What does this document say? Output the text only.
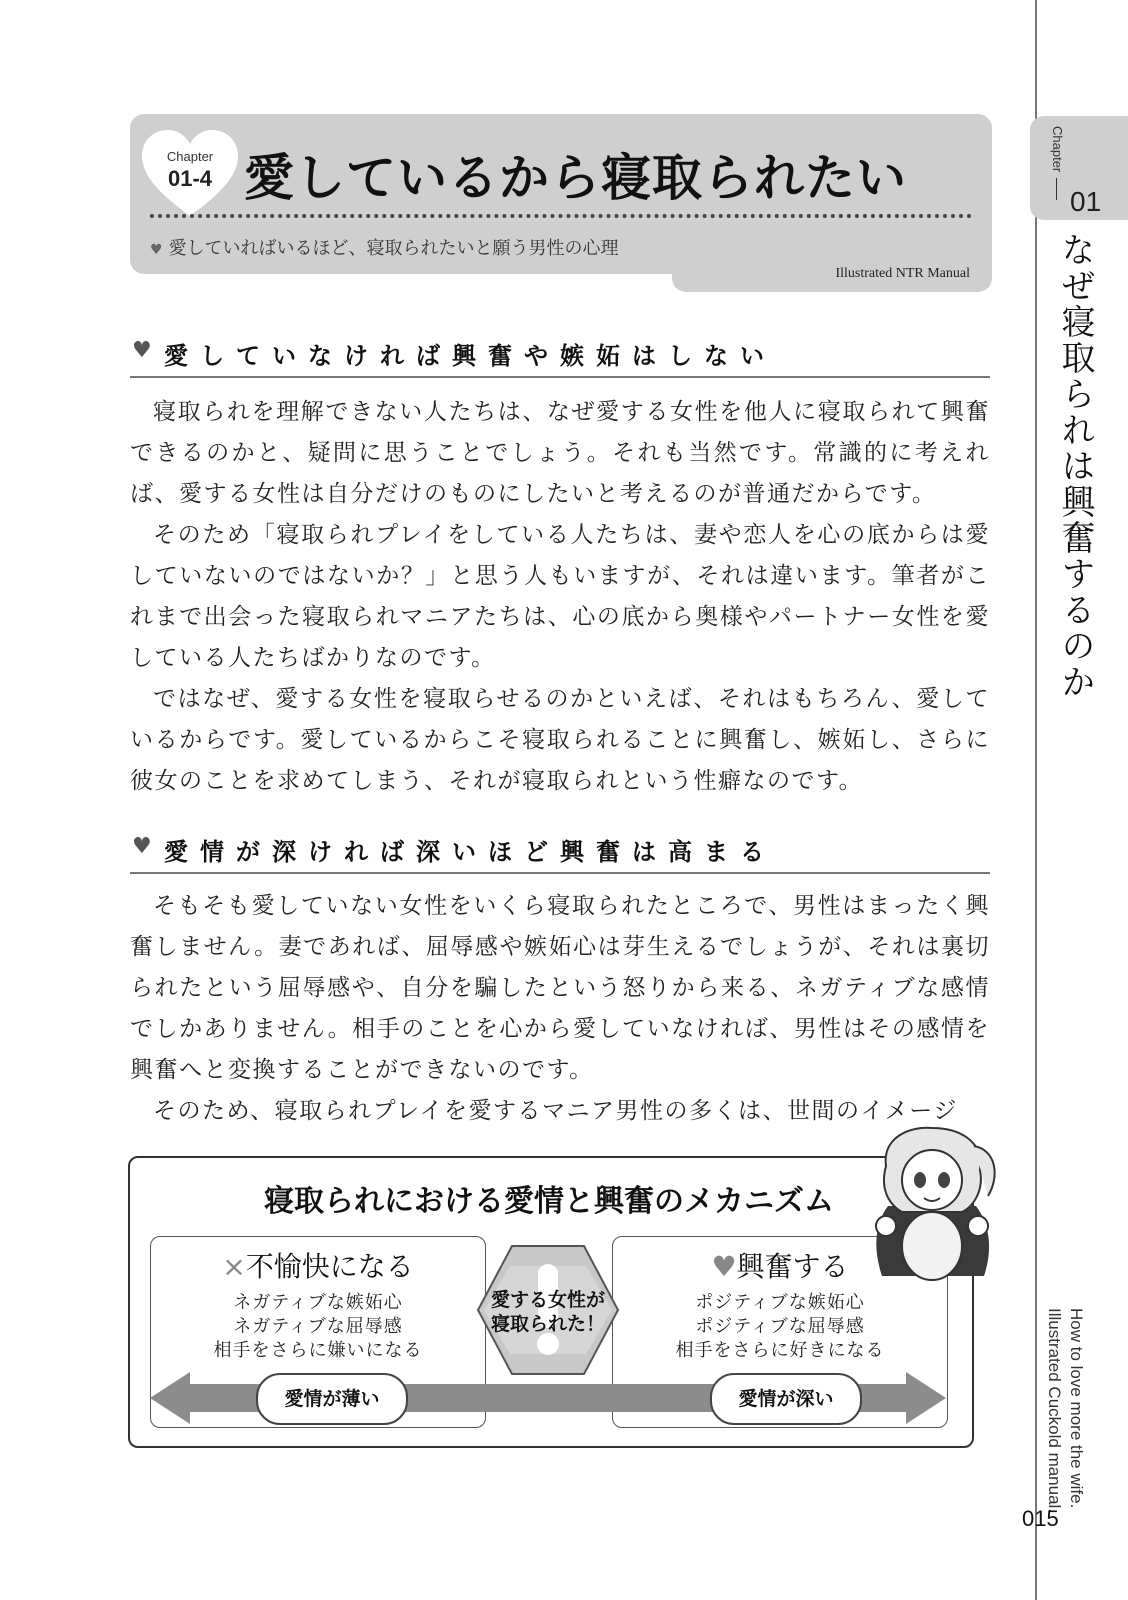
Chapter
01
なぜ寝取られは興奮するのか
How to love more the wife.
Illustrated Cuckold manual.
015
Chapter
01-4 愛しているから寝取られたい
♥ 愛していればいるほど、寝取られたいと願う男性の心理
Illustrated NTR Manual
♥ 愛していなければ興奮や嫉妬はしない

寝取られを理解できない人たちは、なぜ愛する女性を他人に寝取られて興奮できるのかと、疑問に思うことでしょう。それも当然です。常識的に考えれば、愛する女性は自分だけのものにしたいと考えるのが普通だからです。

そのため「寝取られプレイをしている人たちは、妻や恋人を心の底からは愛していないのではないか？」と思う人もいますが、それは違います。筆者がこれまで出会った寝取られマニアたちは、心の底から奥様やパートナー女性を愛している人たちばかりなのです。

ではなぜ、愛する女性を寝取らせるのかといえば、それはもちろん、愛しているからです。愛しているからこそ寝取られることに興奮し、嫉妬し、さらに彼女のことを求めてしまう、それが寝取られという性癖なのです。

♥ 愛情が深ければ深いほど興奮は高まる

そもそも愛していない女性をいくら寝取られたところで、男性はまったく興奮しません。妻であれば、屈辱感や嫉妬心は芽生えるでしょうが、それは裏切られたという屈辱感や、自分を騙したという怒りから来る、ネガティブな感情でしかありません。相手のことを心から愛していなければ、男性はその感情を興奮へと変換することができないのです。

そのため、寝取られプレイを愛するマニア男性の多くは、世間のイメージ

寝取られにおける愛情と興奮のメカニズム
×不愉快になる
ネガティブな嫉妬心
ネガティブな屈辱感
相手をさらに嫌いになる
♥興奮する
ポジティブな嫉妬心
ポジティブな屈辱感
相手をさらに好きになる
愛情が薄い	愛情が深い
愛する女性が
寝取られた！
